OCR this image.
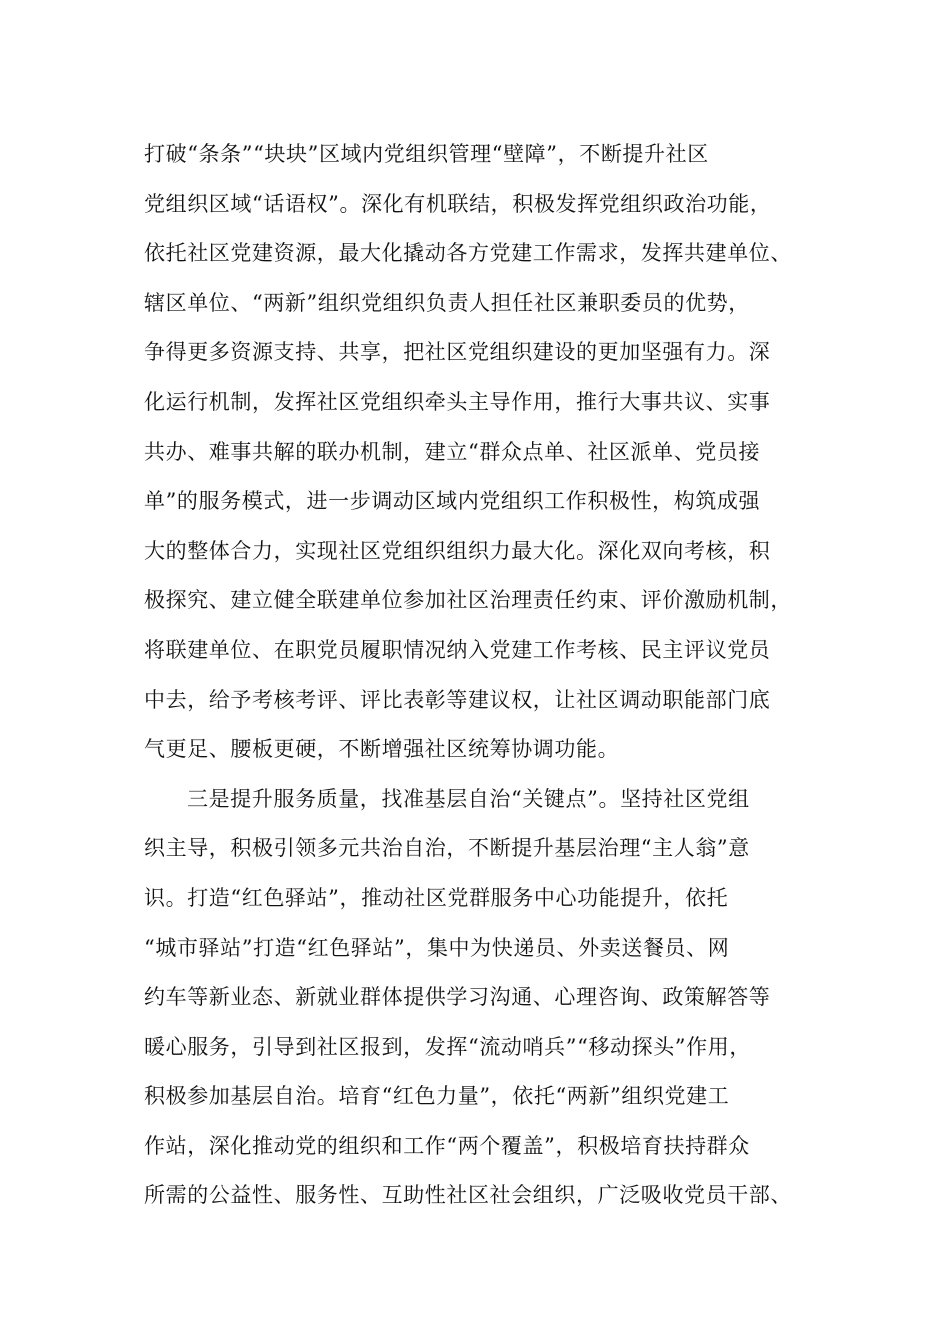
打破“条条”“块块”区域内党组织管理“壁障”，不断提升社区
党组织区域“话语权”。深化有机联结，积极发挥党组织政治功能，
依托社区党建资源，最大化撬动各方党建工作需求，发挥共建单位、
辖区单位、“两新”组织党组织负责人担任社区兼职委员的优势，
争得更多资源支持、共享，把社区党组织建设的更加坚强有力。深
化运行机制，发挥社区党组织牵头主导作用，推行大事共议、实事
共办、难事共解的联办机制，建立“群众点单、社区派单、党员接
单”的服务模式，进一步调动区域内党组织工作积极性，构筑成强
大的整体合力，实现社区党组织组织力最大化。深化双向考核，积
极探究、建立健全联建单位参加社区治理责任约束、评价激励机制，
将联建单位、在职党员履职情况纳入党建工作考核、民主评议党员
中去，给予考核考评、评比表彰等建议权，让社区调动职能部门底
气更足、腰板更硬，不断增强社区统筹协调功能。
三是提升服务质量，找准基层自治“关键点”。坚持社区党组
织主导，积极引领多元共治自治，不断提升基层治理“主人翁”意
识。打造“红色驿站”，推动社区党群服务中心功能提升，依托
“城市驿站”打造“红色驿站”，集中为快递员、外卖送餐员、网
约车等新业态、新就业群体提供学习沟通、心理咨询、政策解答等
暖心服务，引导到社区报到，发挥“流动哨兵”“移动探头”作用，
积极参加基层自治。培育“红色力量”，依托“两新”组织党建工
作站，深化推动党的组织和工作“两个覆盖”，积极培育扶持群众
所需的公益性、服务性、互助性社区社会组织，广泛吸收党员干部、
